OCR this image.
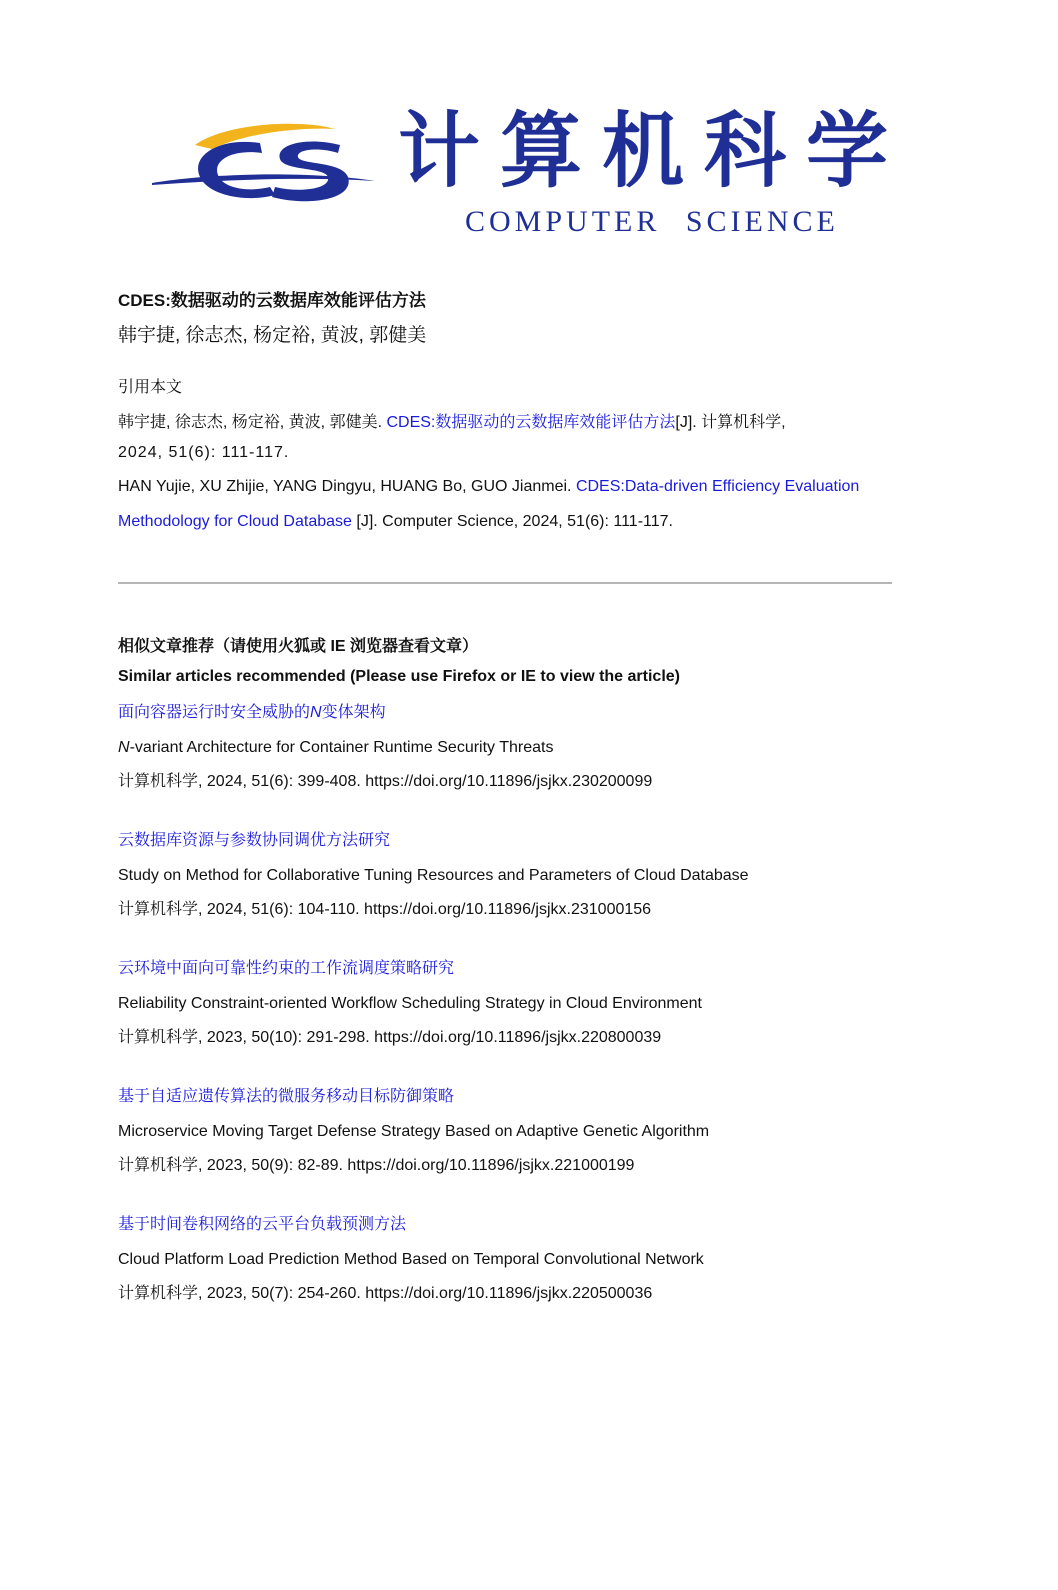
CS	计算机科学
COMPUTER SCIENCE
CDES:数据驱动的云数据库效能评估方法
韩宇捷, 徐志杰, 杨定裕, 黄波, 郭健美
引用本文
韩宇捷, 徐志杰, 杨定裕, 黄波, 郭健美. CDES:数据驱动的云数据库效能评估方法[J]. 计算机科学,
2024, 51(6): 111-117.
HAN Yujie, XU Zhijie, YANG Dingyu, HUANG Bo, GUO Jianmei. CDES:Data-driven Efficiency Evaluation
Methodology for Cloud Database [J]. Computer Science, 2024, 51(6): 111-117.
相似文章推荐（请使用火狐或 IE 浏览器查看文章）
Similar articles recommended (Please use Firefox or IE to view the article)
面向容器运行时安全威胁的N变体架构
N-variant Architecture for Container Runtime Security Threats
计算机科学, 2024, 51(6): 399-408. https://doi.org/10.11896/jsjkx.230200099
云数据库资源与参数协同调优方法研究
Study on Method for Collaborative Tuning Resources and Parameters of Cloud Database
计算机科学, 2024, 51(6): 104-110. https://doi.org/10.11896/jsjkx.231000156
云环境中面向可靠性约束的工作流调度策略研究
Reliability Constraint-oriented Workflow Scheduling Strategy in Cloud Environment
计算机科学, 2023, 50(10): 291-298. https://doi.org/10.11896/jsjkx.220800039
基于自适应遗传算法的微服务移动目标防御策略
Microservice Moving Target Defense Strategy Based on Adaptive Genetic Algorithm
计算机科学, 2023, 50(9): 82-89. https://doi.org/10.11896/jsjkx.221000199
基于时间卷积网络的云平台负载预测方法
Cloud Platform Load Prediction Method Based on Temporal Convolutional Network
计算机科学, 2023, 50(7): 254-260. https://doi.org/10.11896/jsjkx.220500036
